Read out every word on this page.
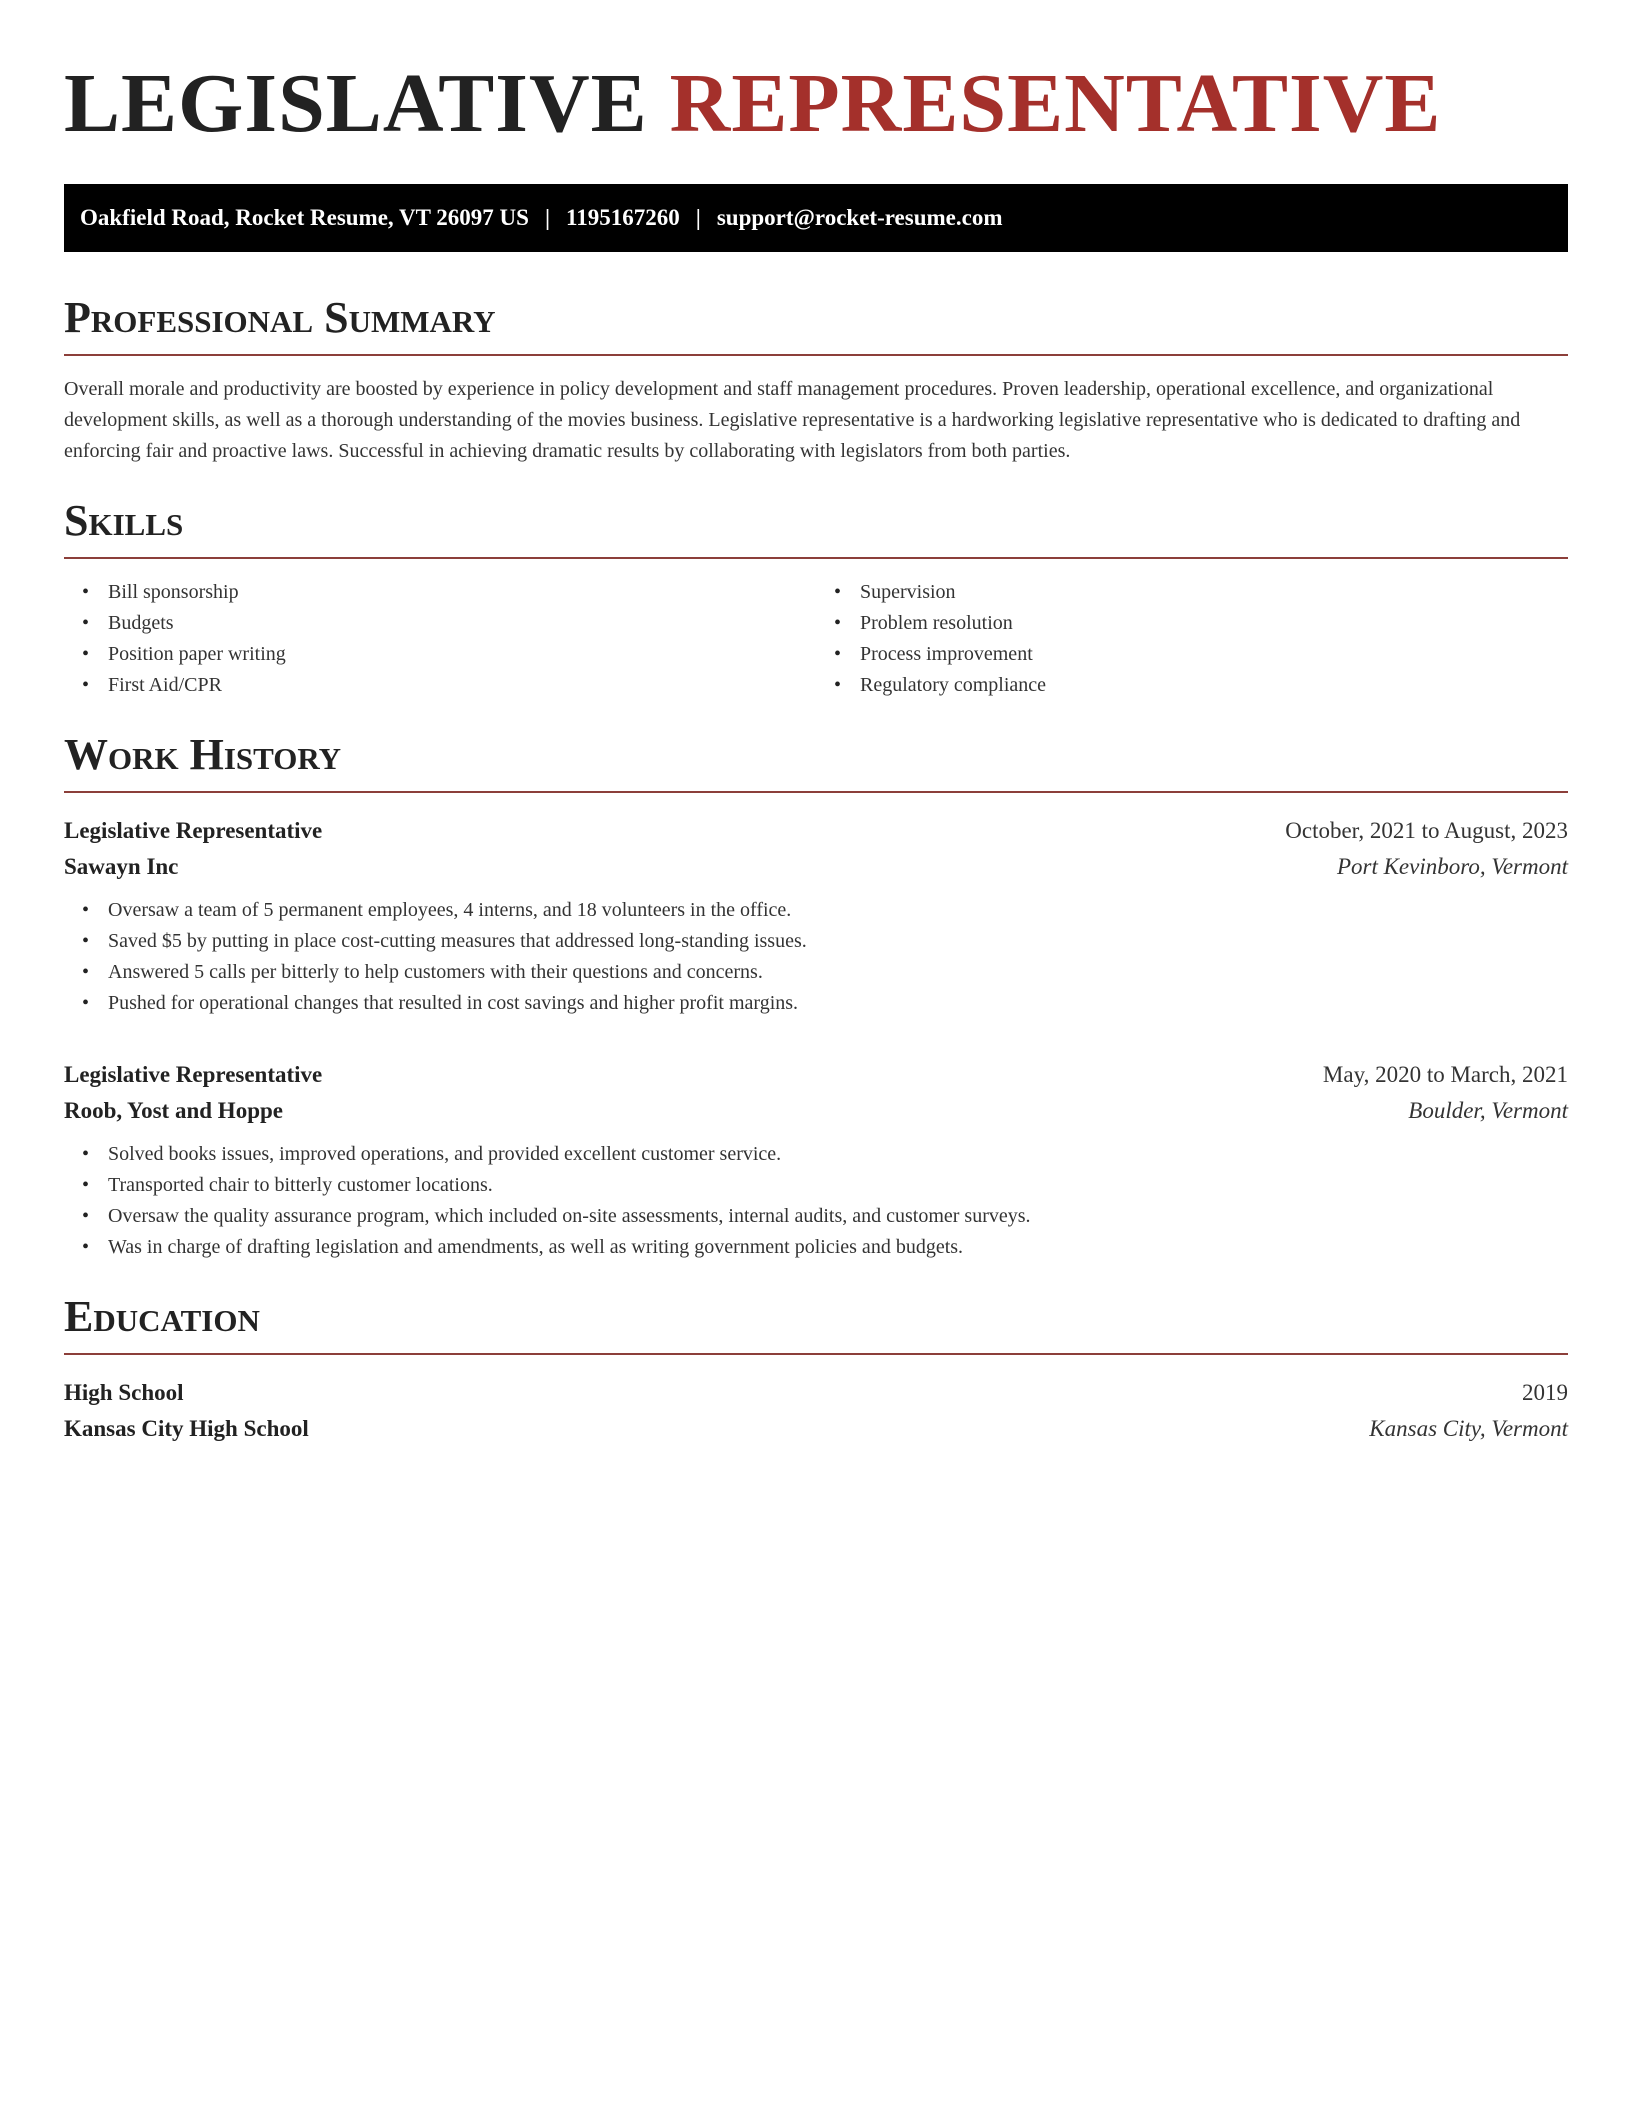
LEGISLATIVE REPRESENTATIVE
Oakfield Road, Rocket Resume, VT 26097 US | 1195167260 | support@rocket-resume.com
Professional Summary

Overall morale and productivity are boosted by experience in policy development and staff management procedures. Proven leadership, operational excellence, and organizational development skills, as well as a thorough understanding of the movies business. Legislative representative is a hardworking legislative representative who is dedicated to drafting and enforcing fair and proactive laws. Successful in achieving dramatic results by collaborating with legislators from both parties.

Skills
• Bill sponsorship
• Budgets
• Position paper writing
• First Aid/CPR
• Supervision
• Problem resolution
• Process improvement
• Regulatory compliance
Work History
Legislative Representative	October, 2021 to August, 2023
Sawayn Inc	Port Kevinboro, Vermont
• Oversaw a team of 5 permanent employees, 4 interns, and 18 volunteers in the office.
• Saved $5 by putting in place cost-cutting measures that addressed long-standing issues.
• Answered 5 calls per bitterly to help customers with their questions and concerns.
• Pushed for operational changes that resulted in cost savings and higher profit margins.
Legislative Representative	May, 2020 to March, 2021
Roob, Yost and Hoppe	Boulder, Vermont
• Solved books issues, improved operations, and provided excellent customer service.
• Transported chair to bitterly customer locations.
• Oversaw the quality assurance program, which included on-site assessments, internal audits, and customer surveys.
• Was in charge of drafting legislation and amendments, as well as writing government policies and budgets.
Education
High School	2019
Kansas City High School	Kansas City, Vermont
